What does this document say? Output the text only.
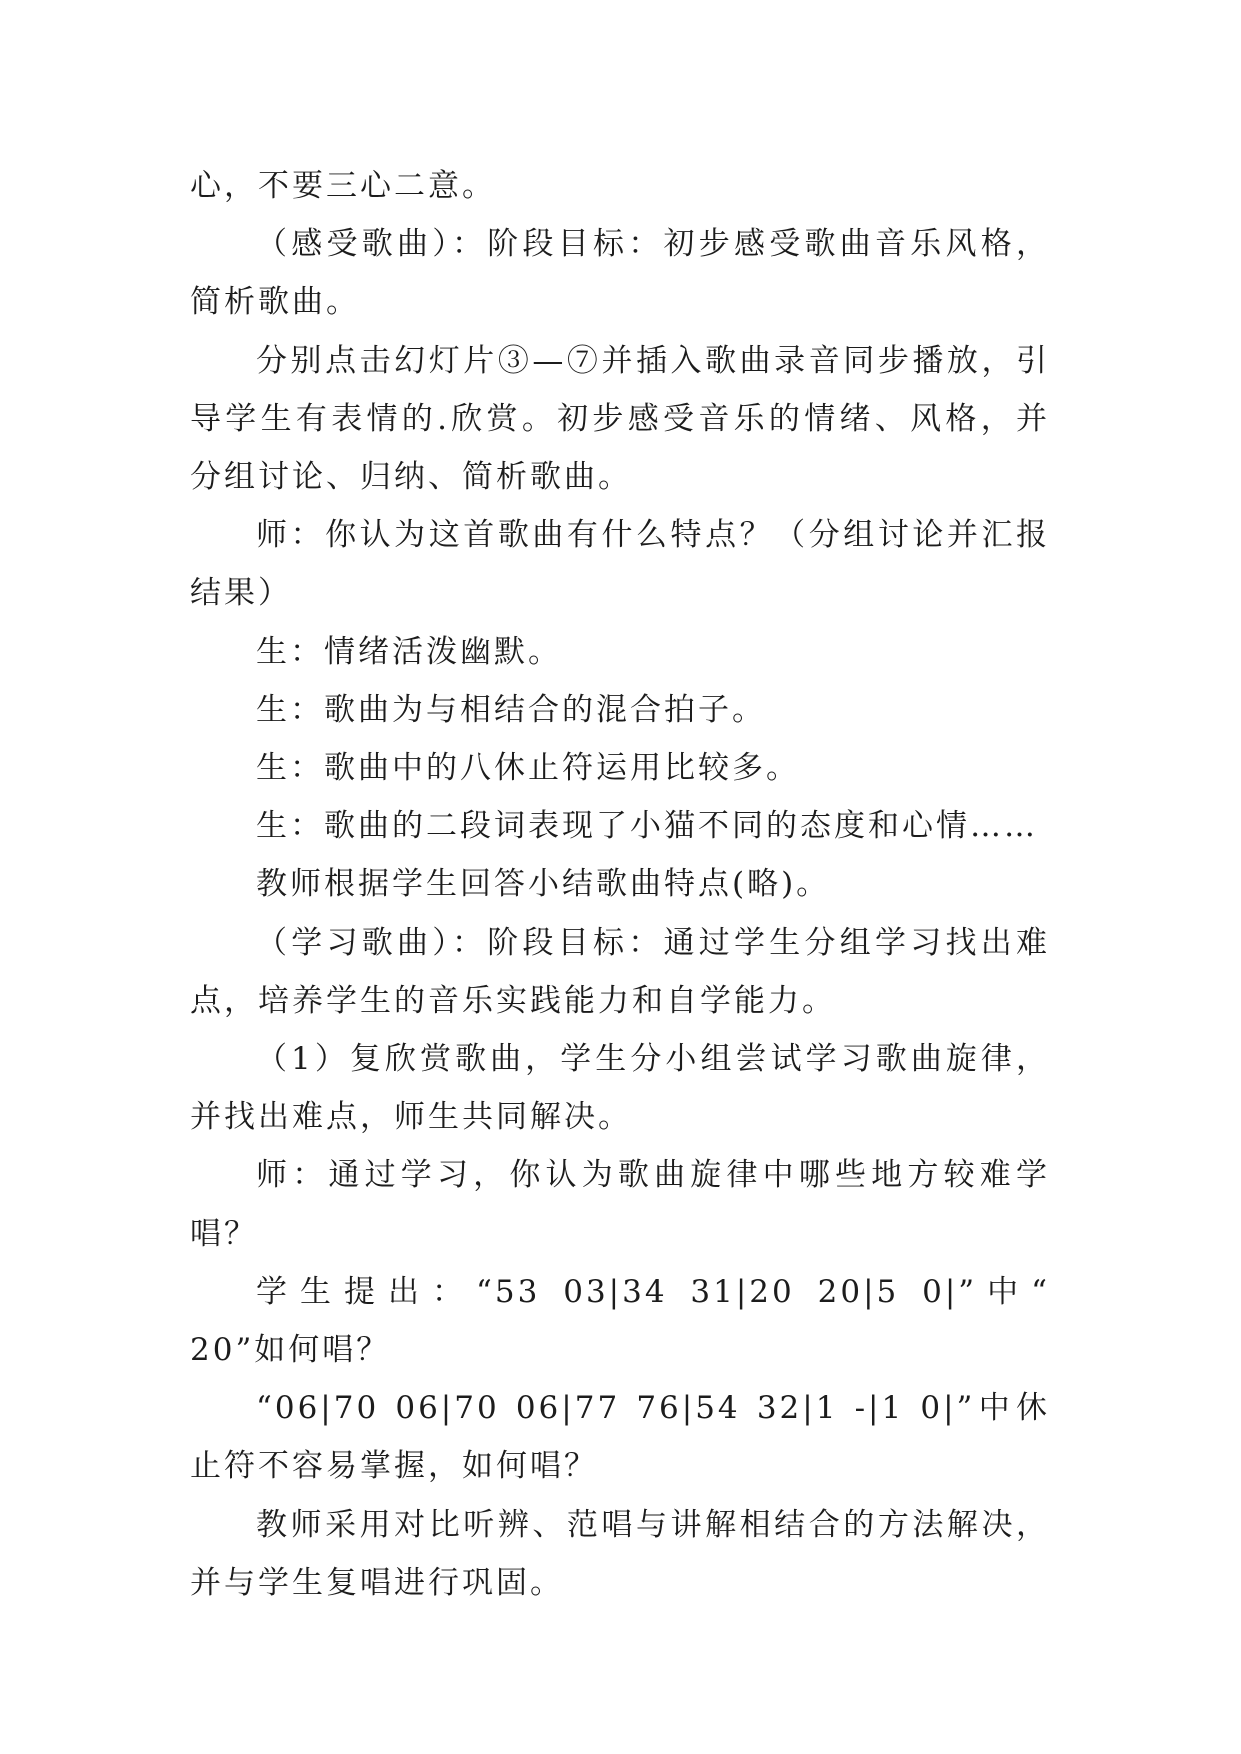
心，不要三心二意。

（感受歌曲）：阶段目标：初步感受歌曲音乐风格，简析歌曲。

分别点击幻灯片③—⑦并插入歌曲录音同步播放，引导学生有表情的.欣赏。初步感受音乐的情绪、风格，并分组讨论、归纳、简析歌曲。

师：你认为这首歌曲有什么特点？（分组讨论并汇报结果）

生：情绪活泼幽默。

生：歌曲为与相结合的混合拍子。

生：歌曲中的八休止符运用比较多。

生：歌曲的二段词表现了小猫不同的态度和心情……

教师根据学生回答小结歌曲特点(略)。

（学习歌曲）：阶段目标：通过学生分组学习找出难点，培养学生的音乐实践能力和自学能力。

（1）复欣赏歌曲，学生分小组尝试学习歌曲旋律，并找出难点，师生共同解决。

师：通过学习，你认为歌曲旋律中哪些地方较难学唱？

学生提出：“53 03|34 31|20 20|5 0|”中“ 20”如何唱？

“06|70 06|70 06|77 76|54 32|1 -|1 0|”中休止符不容易掌握，如何唱？

教师采用对比听辨、范唱与讲解相结合的方法解决，并与学生复唱进行巩固。
